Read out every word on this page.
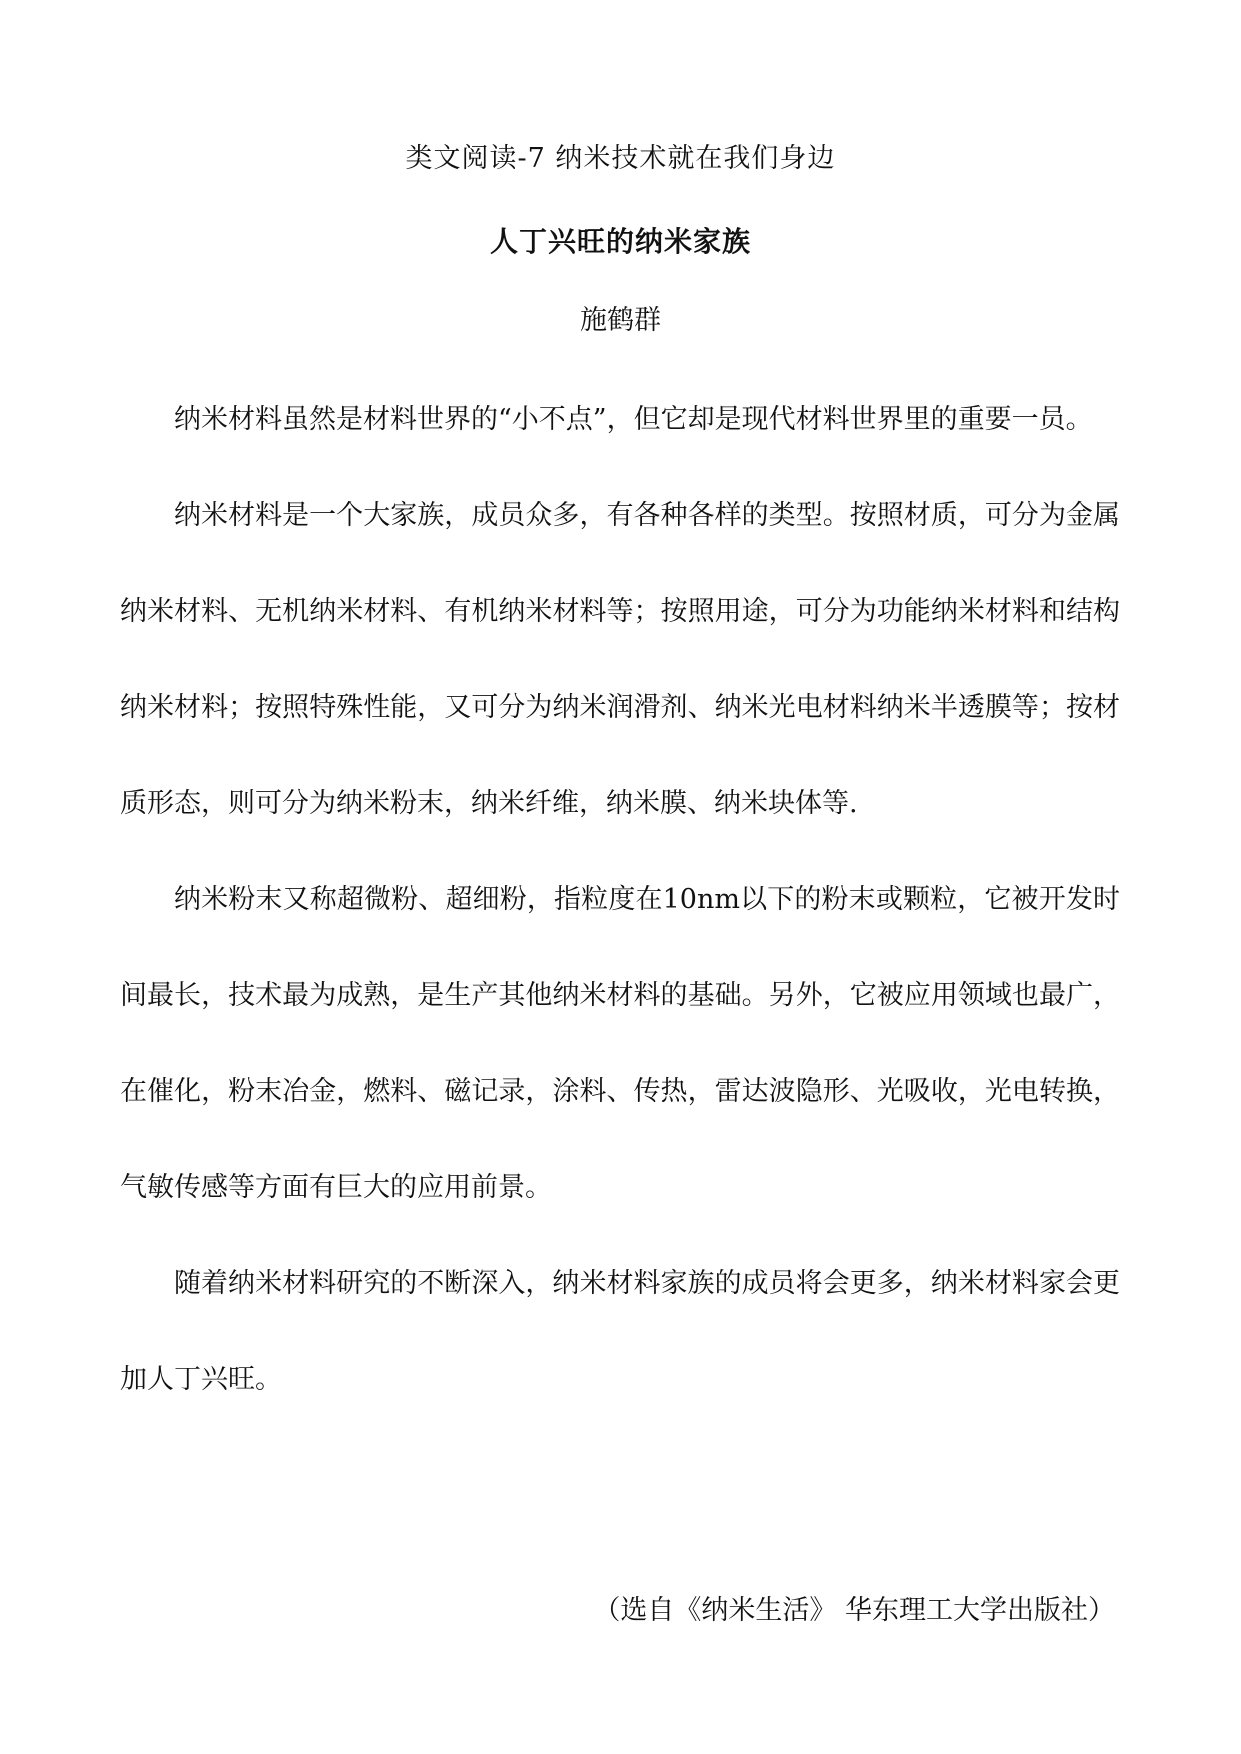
类文阅读-7 纳米技术就在我们身边
人丁兴旺的纳米家族
施鹤群

纳米材料虽然是材料世界的“小不点”，但它却是现代材料世界里的重要一员。

纳米材料是一个大家族，成员众多，有各种各样的类型。按照材质，可分为金属纳米材料、无机纳米材料、有机纳米材料等；按照用途，可分为功能纳米材料和结构纳米材料；按照特殊性能，又可分为纳米润滑剂、纳米光电材料纳米半透膜等；按材质形态，则可分为纳米粉末，纳米纤维，纳米膜、纳米块体等.

纳米粉末又称超微粉、超细粉，指粒度在10nm以下的粉末或颗粒，它被开发时间最长，技术最为成熟，是生产其他纳米材料的基础。另外，它被应用领域也最广，在催化，粉末冶金，燃料、磁记录，涂料、传热，雷达波隐形、光吸收，光电转换，气敏传感等方面有巨大的应用前景。

随着纳米材料研究的不断深入，纳米材料家族的成员将会更多，纳米材料家会更加人丁兴旺。

（选自《纳米生活》 华东理工大学出版社）
